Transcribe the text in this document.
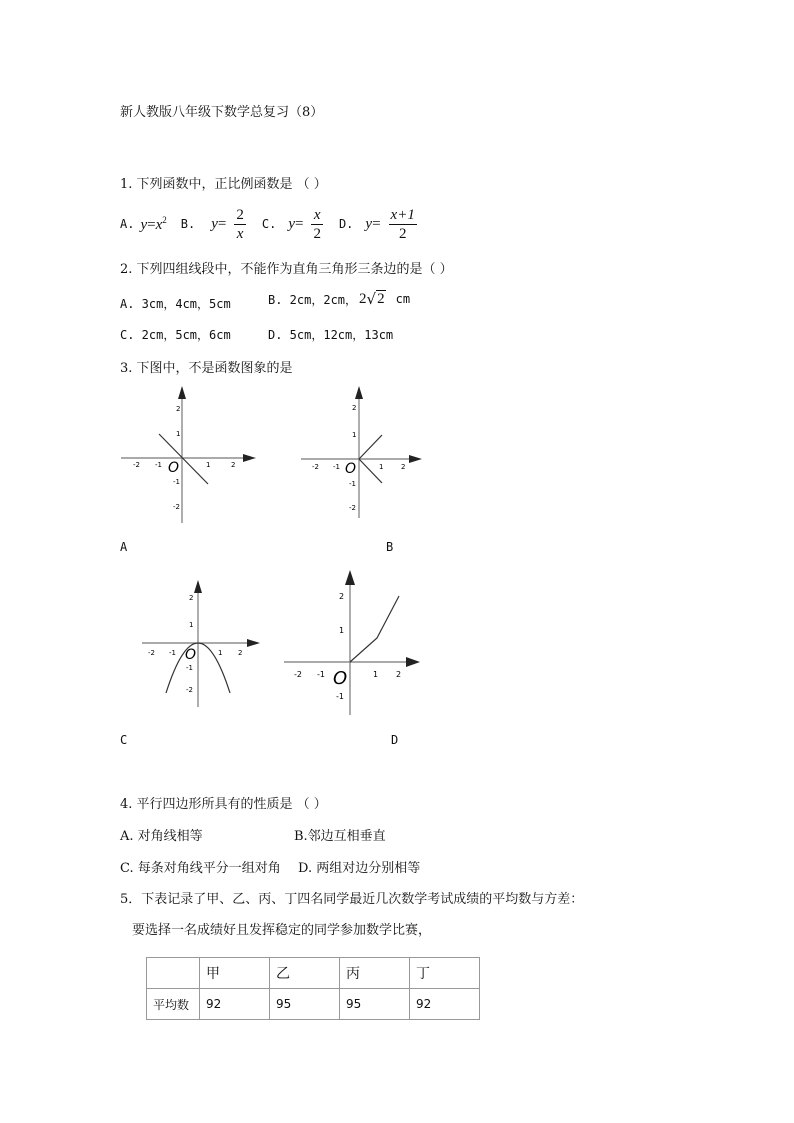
新人教版八年级下数学总复习（8）
1. 下列函数中，正比例函数是 （ ）
A. $y=x^2$ B. $y= \frac{2}{x} C$. $y= \frac{x}{2} D$. $y= \frac{x+1}{2}$
2. 下列四组线段中，不能作为直角三角形三条边的是（ ）
A. 3cm，4cm，5cm	B. 2cm，2cm， 2 √ 2 cm
C. 2cm，5cm，6cm	D. 5cm，12cm，13cm
3. 下图中，不是函数图象的是
-2 -1	1	2
2
1
-1
-2
O
A
-2 -1	1	2
2
1
-1
-2
O
B
-2 -1	1 2
2
1
-1
-2
O
C
-2 -1	1 2
2
1
-1
O
D
4. 平行四边形所具有的性质是 （ ）
A. 对角线相等	B.邻边互相垂直
C. 每条对角线平分一组对角 D. 两组对边分别相等
5．下表记录了甲、乙、丙、丁四名同学最近几次数学考试成绩的平均数与方差：
要选择一名成绩好且发挥稳定的同学参加数学比赛，
	甲	乙	丙	丁
平均数	92	95	95	92
